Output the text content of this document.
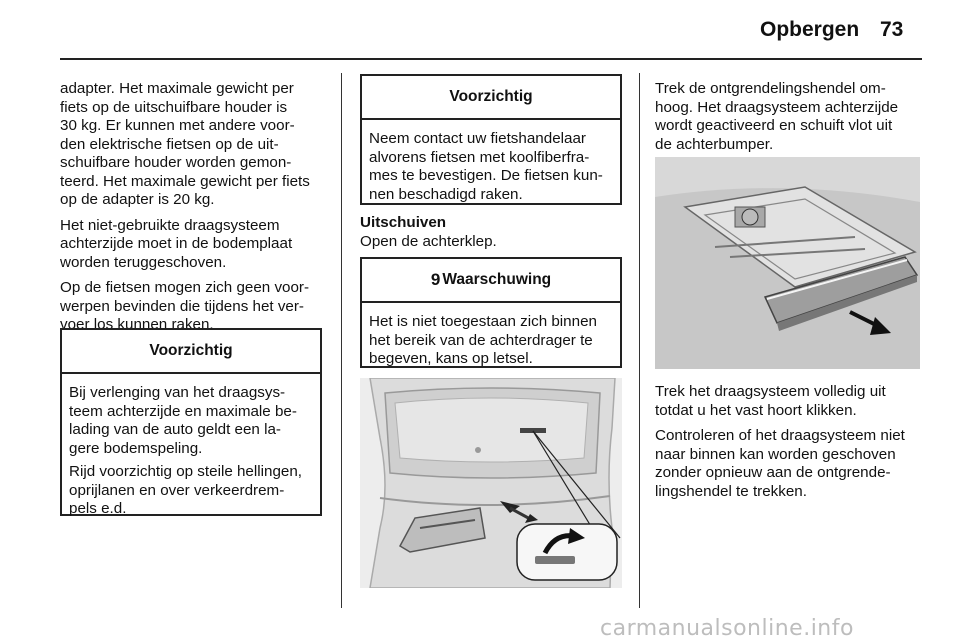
Opbergen 73

adapter. Het maximale gewicht per
fiets op de uitschuifbare houder is
30 kg. Er kunnen met andere voor-
den elektrische fietsen op de uit-
schuifbare houder worden gemon-
teerd. Het maximale gewicht per fiets
op de adapter is 20 kg.

Het niet-gebruikte draagsysteem
achterzijde moet in de bodemplaat
worden teruggeschoven.

Op de fietsen mogen zich geen voor-
werpen bevinden die tijdens het ver-
voer los kunnen raken.

Voorzichtig

Bij verlenging van het draagsys-
teem achterzijde en maximale be-
lading van de auto geldt een la-
gere bodemspeling.

Rijd voorzichtig op steile hellingen,
oprijlanen en over verkeerdrem-
pels e.d.

Voorzichtig

Neem contact uw fietshandelaar
alvorens fietsen met koolfiberfra-
mes te bevestigen. De fietsen kun-
nen beschadigd raken.

Uitschuiven
Open de achterklep.
9 Waarschuwing

Het is niet toegestaan zich binnen
het bereik van de achterdrager te
begeven, kans op letsel.

Trek de ontgrendelingshendel om-
hoog. Het draagsysteem achterzijde
wordt geactiveerd en schuift vlot uit
de achterbumper.

Trek het draagsysteem volledig uit
totdat u het vast hoort klikken.

Controleren of het draagsysteem niet
naar binnen kan worden geschoven
zonder opnieuw aan de ontgrende-
lingshendel te trekken.

carmanualsonline.info
